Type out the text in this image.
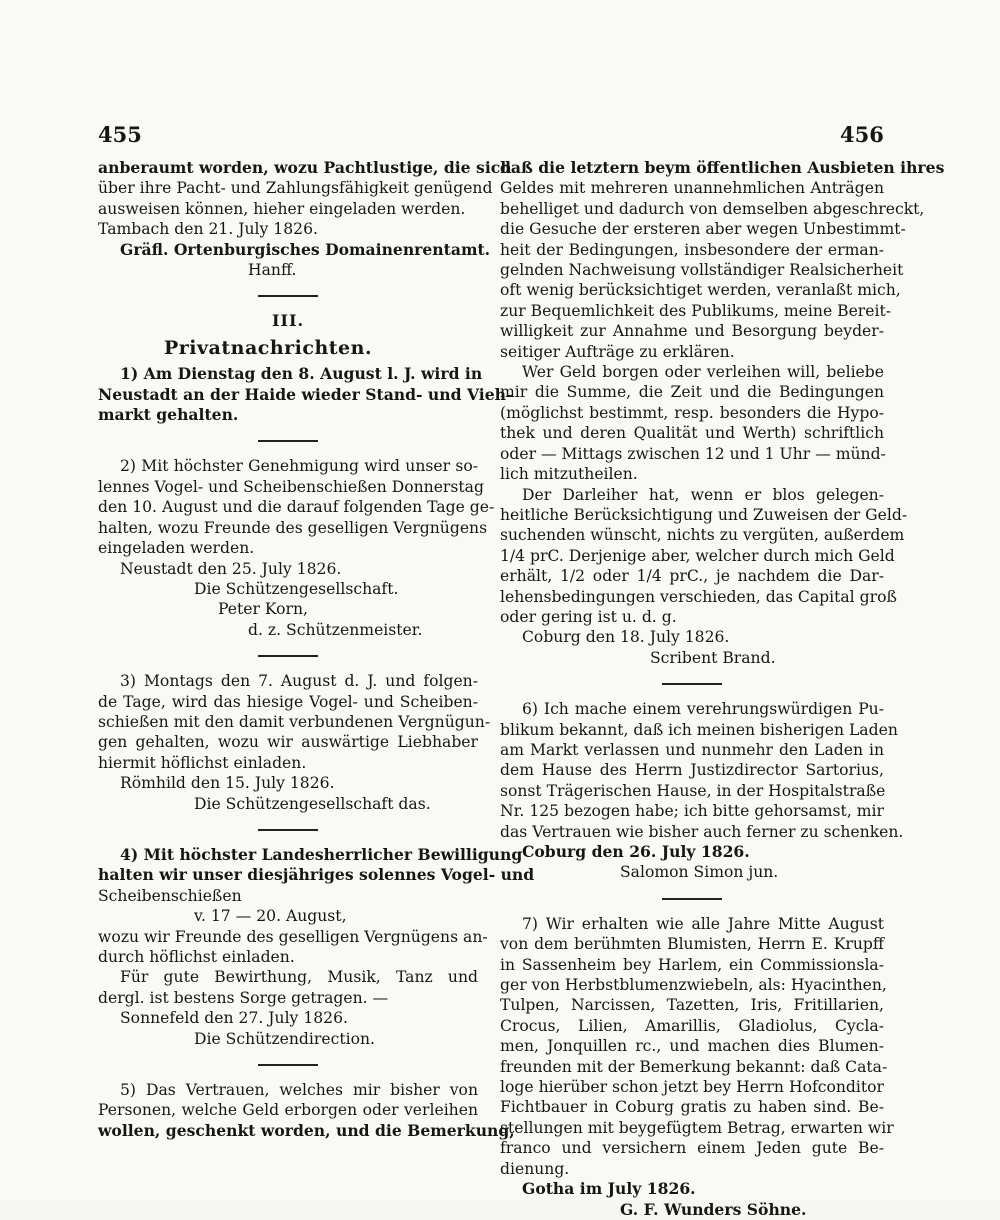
455	456
anberaumt worden, wozu Pachtlustige, die sich
über ihre Pacht- und Zahlungsfähigkeit genügend
ausweisen können, hieher eingeladen werden.
Tambach den 21. July 1826.
Gräfl. Ortenburgisches Domainenrentamt.
Hanff.
III.
Privatnachrichten.
1) Am Dienstag den 8. August l. J. wird in
Neustadt an der Haide wieder Stand- und Vieh-
markt gehalten.
2) Mit höchster Genehmigung wird unser so-
lennes Vogel- und Scheibenschießen Donnerstag
den 10. August und die darauf folgenden Tage ge-
halten, wozu Freunde des geselligen Vergnügens
eingeladen werden.
Neustadt den 25. July 1826.
Die Schützengesellschaft.
Peter Korn,
d. z. Schützenmeister.
3) Montags den 7. August d. J. und folgen-
de Tage, wird das hiesige Vogel- und Scheiben-
schießen mit den damit verbundenen Vergnügun-
gen gehalten, wozu wir auswärtige Liebhaber
hiermit höflichst einladen.
Römhild den 15. July 1826.
Die Schützengesellschaft das.
4) Mit höchster Landesherrlicher Bewilligung
halten wir unser diesjähriges solennes Vogel- und
Scheibenschießen
v. 17 — 20. August,
wozu wir Freunde des geselligen Vergnügens an-
durch höflichst einladen.
Für gute Bewirthung, Musik, Tanz und
dergl. ist bestens Sorge getragen. —
Sonnefeld den 27. July 1826.
Die Schützendirection.
5) Das Vertrauen, welches mir bisher von
Personen, welche Geld erborgen oder verleihen
wollen, geschenkt worden, und die Bemerkung,
daß die letztern beym öffentlichen Ausbieten ihres
Geldes mit mehreren unannehmlichen Anträgen
behelliget und dadurch von demselben abgeschreckt,
die Gesuche der ersteren aber wegen Unbestimmt-
heit der Bedingungen, insbesondere der erman-
gelnden Nachweisung vollständiger Realsicherheit
oft wenig berücksichtiget werden, veranlaßt mich,
zur Bequemlichkeit des Publikums, meine Bereit-
willigkeit zur Annahme und Besorgung beyder-
seitiger Aufträge zu erklären.
Wer Geld borgen oder verleihen will, beliebe
mir die Summe, die Zeit und die Bedingungen
(möglichst bestimmt, resp. besonders die Hypo-
thek und deren Qualität und Werth) schriftlich
oder — Mittags zwischen 12 und 1 Uhr — münd-
lich mitzutheilen.
Der Darleiher hat, wenn er blos gelegen-
heitliche Berücksichtigung und Zuweisen der Geld-
suchenden wünscht, nichts zu vergüten, außerdem
1/4 prC. Derjenige aber, welcher durch mich Geld
erhält, 1/2 oder 1/4 prC., je nachdem die Dar-
lehensbedingungen verschieden, das Capital groß
oder gering ist u. d. g.
Coburg den 18. July 1826.
Scribent Brand.
6) Ich mache einem verehrungswürdigen Pu-
blikum bekannt, daß ich meinen bisherigen Laden
am Markt verlassen und nunmehr den Laden in
dem Hause des Herrn Justizdirector Sartorius,
sonst Trägerischen Hause, in der Hospitalstraße
Nr. 125 bezogen habe; ich bitte gehorsamst, mir
das Vertrauen wie bisher auch ferner zu schenken.
Coburg den 26. July 1826.
Salomon Simon jun.
7) Wir erhalten wie alle Jahre Mitte August
von dem berühmten Blumisten, Herrn E. Krupff
in Sassenheim bey Harlem, ein Commissionsla-
ger von Herbstblumenzwiebeln, als: Hyacinthen,
Tulpen, Narcissen, Tazetten, Iris, Fritillarien,
Crocus, Lilien, Amarillis, Gladiolus, Cycla-
men, Jonquillen rc., und machen dies Blumen-
freunden mit der Bemerkung bekannt: daß Cata-
loge hierüber schon jetzt bey Herrn Hofconditor
Fichtbauer in Coburg gratis zu haben sind. Be-
stellungen mit beygefügtem Betrag, erwarten wir
franco und versichern einem Jeden gute Be-
dienung.
Gotha im July 1826.
G. F. Wunders Söhne.
